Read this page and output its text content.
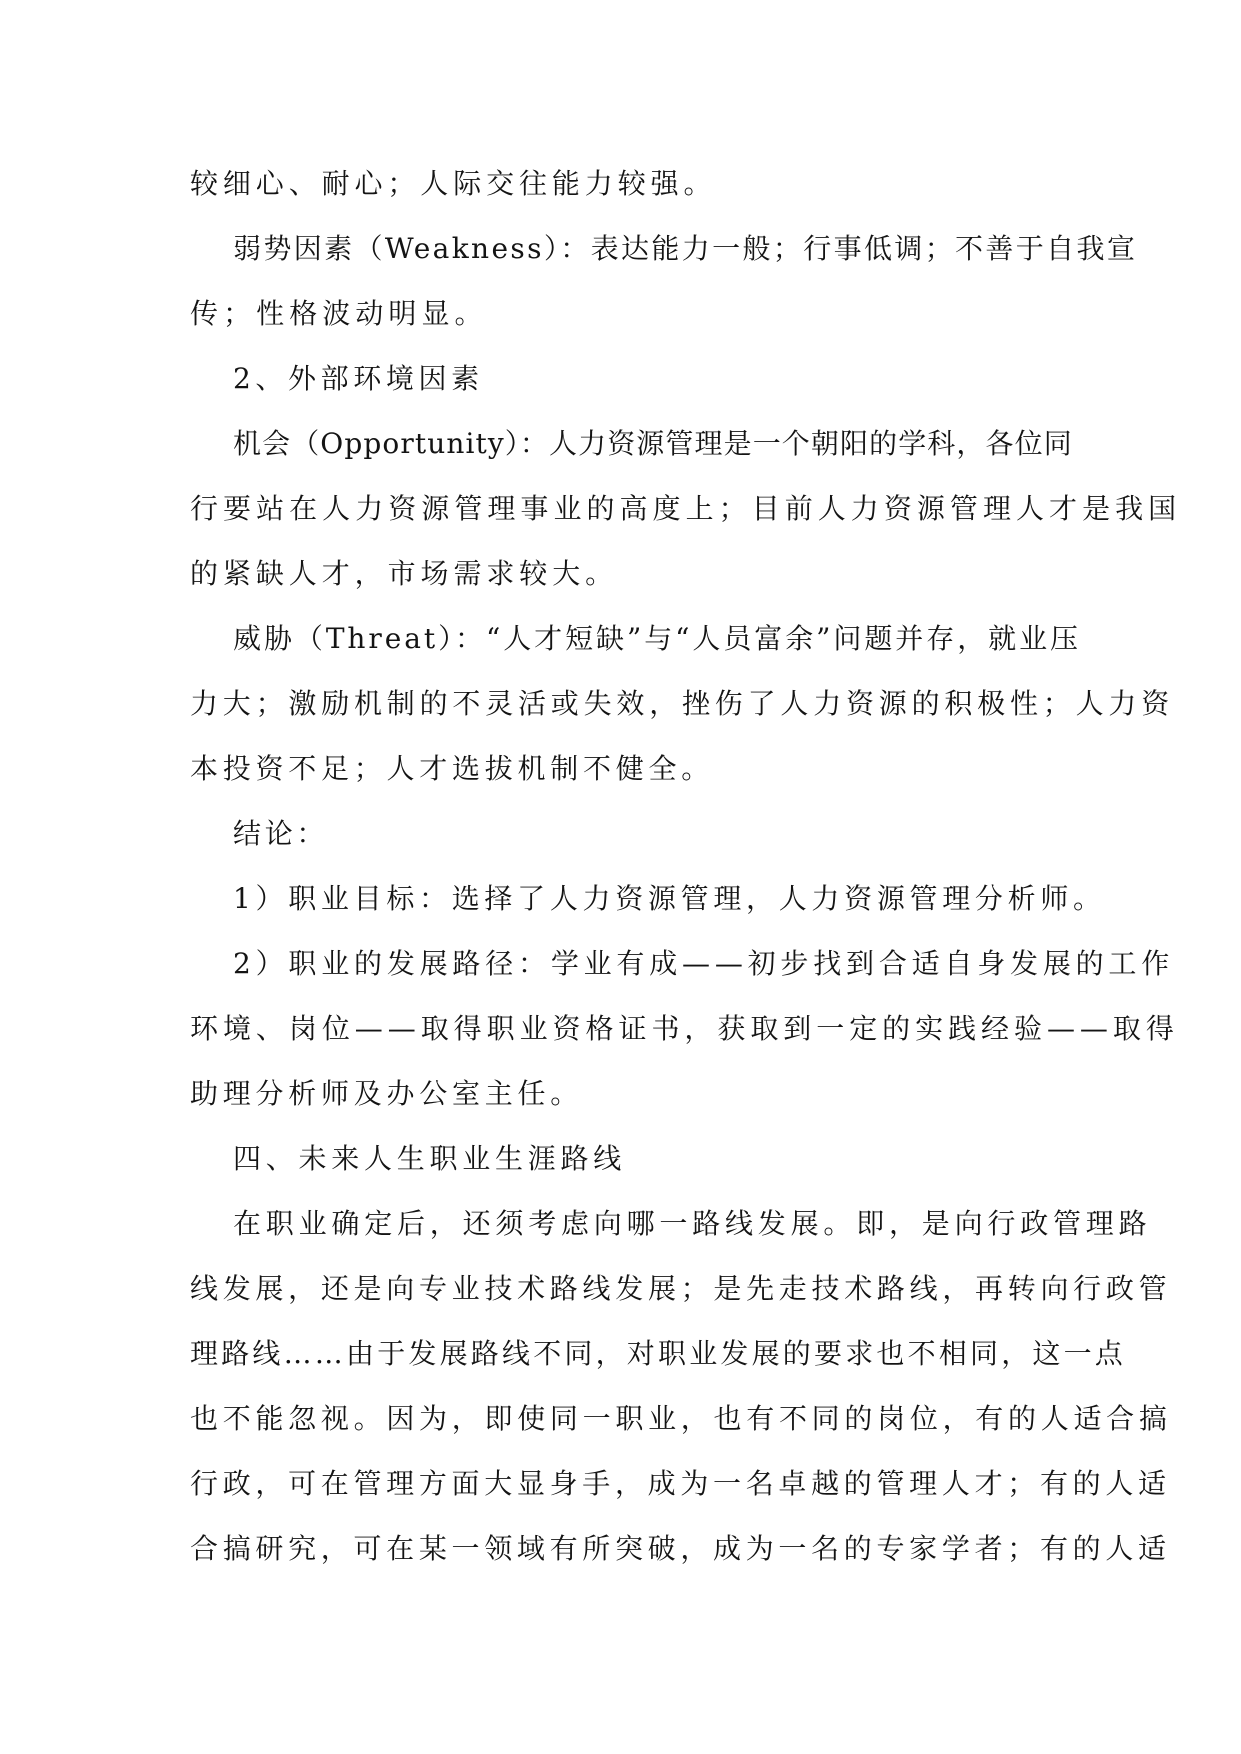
较细心、耐心；人际交往能力较强。
弱势因素（Weakness）：表达能力一般；行事低调；不善于自我宣
传；性格波动明显。
2、外部环境因素
机会（Opportunity）：人力资源管理是一个朝阳的学科，各位同
行要站在人力资源管理事业的高度上；目前人力资源管理人才是我国
的紧缺人才，市场需求较大。
威胁（Threat）：“人才短缺”与“人员富余”问题并存，就业压
力大；激励机制的不灵活或失效，挫伤了人力资源的积极性；人力资
本投资不足；人才选拔机制不健全。
结论：
1）职业目标：选择了人力资源管理，人力资源管理分析师。
2）职业的发展路径：学业有成——初步找到合适自身发展的工作
环境、岗位——取得职业资格证书，获取到一定的实践经验——取得
助理分析师及办公室主任。
四、未来人生职业生涯路线
在职业确定后，还须考虑向哪一路线发展。即，是向行政管理路
线发展，还是向专业技术路线发展；是先走技术路线，再转向行政管
理路线……由于发展路线不同，对职业发展的要求也不相同，这一点
也不能忽视。因为，即使同一职业，也有不同的岗位，有的人适合搞
行政，可在管理方面大显身手，成为一名卓越的管理人才；有的人适
合搞研究，可在某一领域有所突破，成为一名的专家学者；有的人适
